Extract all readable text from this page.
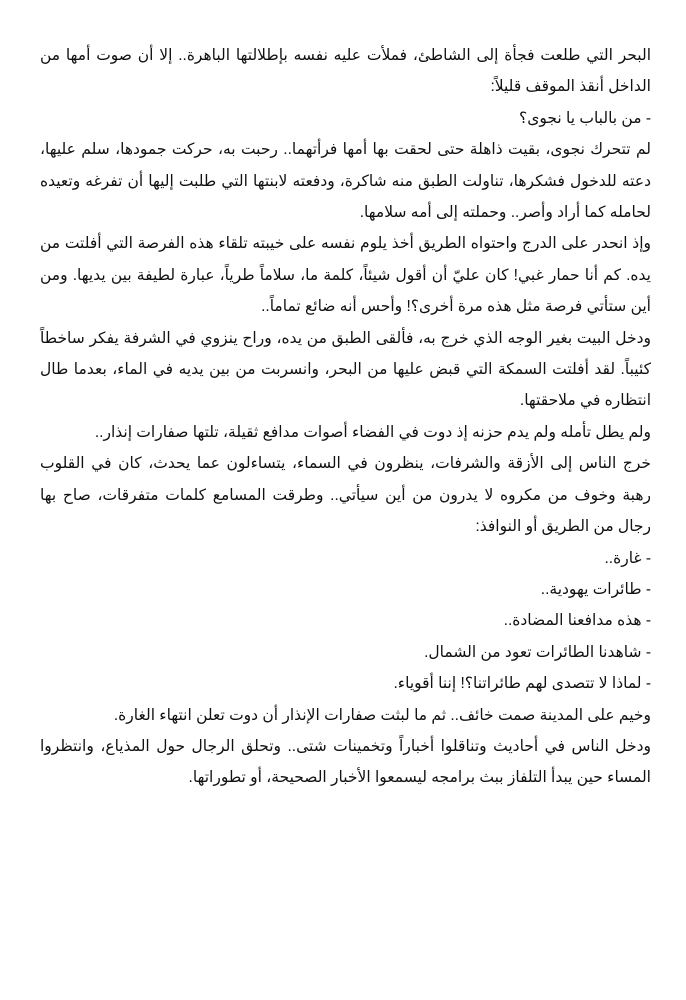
البحر التي طلعت فجأة إلى الشاطئ، فملأت عليه نفسه بإطلالتها الباهرة.. إلا أن صوت أمها من الداخل أنقذ الموقف قليلاً:

- من بالباب يا نجوى؟

لم تتحرك نجوى، بقيت ذاهلة حتى لحقت بها أمها فرأتهما.. رحبت به، حركت جمودها، سلم عليها، دعته للدخول فشكرها، تناولت الطبق منه شاكرة، ودفعته لابنتها التي طلبت إليها أن تفرغه وتعيده لحامله كما أراد وأصر.. وحملته إلى أمه سلامها.

وإذ انحدر على الدرج واحتواه الطريق أخذ يلوم نفسه على خيبته تلقاء هذه الفرصة التي أفلتت من يده. كم أنا حمار غبي! كان عليّ أن أقول شيئاً، كلمة ما، سلاماً طرياً، عبارة لطيفة بين يديها. ومن أين ستأتي فرصة مثل هذه مرة أخرى؟! وأحس أنه ضائع تماماً..

ودخل البيت بغير الوجه الذي خرج به، فألقى الطبق من يده، وراح ينزوي في الشرفة يفكر ساخطاً كئيباً. لقد أفلتت السمكة التي قبض عليها من البحر، وانسربت من بين يديه في الماء، بعدما طال انتظاره في ملاحقتها.

ولم يطل تأمله ولم يدم حزنه إذ دوت في الفضاء أصوات مدافع ثقيلة، تلتها صفارات إنذار..

خرج الناس إلى الأزقة والشرفات، ينظرون في السماء، يتساءلون عما يحدث، كان في القلوب رهبة وخوف من مكروه لا يدرون من أين سيأتي.. وطرقت المسامع كلمات متفرقات، صاح بها رجال من الطريق أو النوافذ:

- غارة..

- طائرات يهودية..

- هذه مدافعنا المضادة..

- شاهدنا الطائرات تعود من الشمال.

- لماذا لا تتصدى لهم طائراتنا؟! إننا أقوياء.

وخيم على المدينة صمت خائف.. ثم ما لبثت صفارات الإنذار أن دوت تعلن انتهاء الغارة.

ودخل الناس في أحاديث وتناقلوا أخباراً وتخمينات شتى.. وتحلق الرجال حول المذياع، وانتظروا المساء حين يبدأ التلفاز ببث برامجه ليسمعوا الأخبار الصحيحة، أو تطوراتها.
